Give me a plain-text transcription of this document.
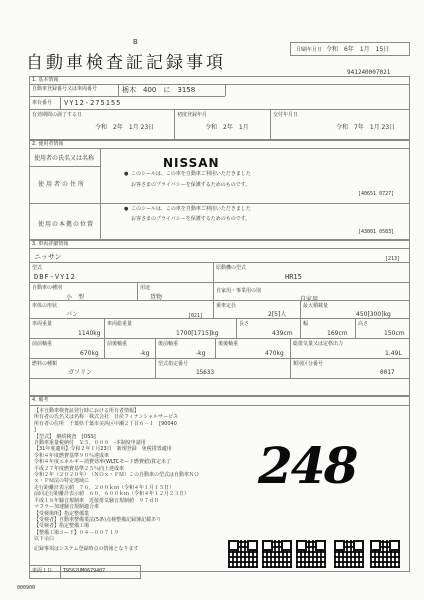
印刷年月日 令和　6年　1月　15日
B
自動車検査証記録事項	941240007021
1. 基本情報
自動車登録番号又は車両番号	栃木　400　に　3158
車台番号 VY12-275155
有効期間の満了する日
令和　2年　1月 23日
初度登録年月
令和　2年　1月
交付年月日
令和　7年　1月 23日
2. 使用者情報
使用者の氏名又は名称
使用者の住所
使用の本拠の位置
NISSAN
● このシールは、この車を自動車ご利用いただきました
お客さまのプライバシーを保護するためのものです。
● このシールは、この車を自動車ご利用いただきました
お客さまのプライバシーを保護するためのものです。
[40651 0727]
[43001 0583]
3. 車両詳細情報
ニッサン	[213]
型式
DBF-VY12
原動機の型式
HR15
自動車の種別
小　型
用途
貨物
自家用・事業用の別
自家用
車体の形状
バン	[021]
乗車定員
2[5]人
最大積載量
450[300]kg
車両重量
1140kg
車両総重量
1700[1715]kg
長さ
439cm
幅
169cm
高さ
150cm
前前軸重
670kg
前後軸重
-kg
後前軸重
-kg
後後軸重
470kg
総排気量又は定格出力
1.49L
燃料の種類
ガソリン
型式指定番号
15633
類別区分番号
0017
4. 備考
【本自動車検査証発行時における所有者情報】
所有者の氏名又は名称　株式会社　日産フィナンシャルサービス
所有者の住所　千葉県千葉市美浜区中瀬２丁目６－１　[90040
]
【型式】　継続検査　[OSS]
自動車重量税納付　￥５，０００　-本制度申請用
【31年度適用】令和２年１月23日　新規登録　免税措置適用
令和４年度燃費基準９０％達成車
令和４年度エネルギー消費効率(WLTCモード燃費値)算定未了
平成２７年度燃費基準２５％向上達成車
令和２年（２０２０年）　（ＮＯｘ・ＰＭ）この自動車の型式は自動車ＮＯ
ｘ・ＰＭ法の特定地域に
走行距離計表示値　７６，２００ｋｍ（令和４年１月１５日）
前回走行距離計表示値　６０，６００ｋｍ（令和４年１２月２３日）
平成１８年騒音規制車　近接排気騒音規制値　９７ｄＢ
マフラー加速騒音規制適合車
【受検場所】指定整備業
【受検者】自動車整備業法(5条)点検整備記録簿記載あり
【受検者】指定整備工場
【整備工場コード】０４－００７１９
以下余白
248
記録事項はシステム登録時点の情報となります
車両ＩＤ T9562UM0679407
000900
